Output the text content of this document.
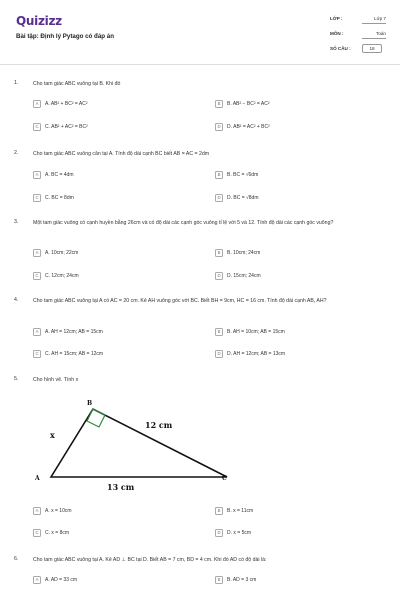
Quizizz
Bài tập: Định lý Pytago có đáp án
LỚP :	Lớp 7
MÔN :	Toán
SỐ CÂU :	18
1.	Cho tam giác ABC vuông tại B. Khi đó
A	A. AB² + BC² = AC²	B	B. AB² − BC² = AC²
C	C. AB² + AC² = BC²	D	D. AB² = AC² + BC²
2.	Cho tam giác ABC vuông cân tại A. Tính độ dài cạnh BC biết AB = AC = 2dm
A	A. BC = 4dm	B	B. BC = √6dm
C	C. BC = 8dm	D	D. BC = √8dm
3.	Một tam giác vuông có cạnh huyền bằng 26cm và có độ dài các cạnh góc vuông tỉ lệ với 5 và 12. Tính độ dài các cạnh góc vuông?
A	A. 10cm; 22cm	B	B. 10cm; 24cm
C	C. 12cm; 24cm	D	D. 15cm; 24cm
4.	Cho tam giác ABC vuông tại A có AC = 20 cm. Kẻ AH vuông góc với BC. Biết BH = 9cm, HC = 16 cm. Tính độ dài cạnh AB, AH?
A	A. AH = 12cm; AB = 15cm	B	B. AH = 10cm; AB = 15cm
C	C. AH = 15cm; AB = 12cm	D	D. AH = 12cm; AB = 13cm
5.	Cho hình vẽ. Tính x
B
A	C
x
12 cm
13 cm
A	A. x = 10cm	B	B. x = 11cm
C	C. x = 8cm	D	D. x = 5cm
6.	Cho tam giác ABC vuông tại A. Kẻ AD ⊥ BC tại D. Biết AB = 7 cm, BD = 4 cm. Khi đó AD có độ dài là:
A	A. AD = 33 cm	B	B. AD = 3 cm
